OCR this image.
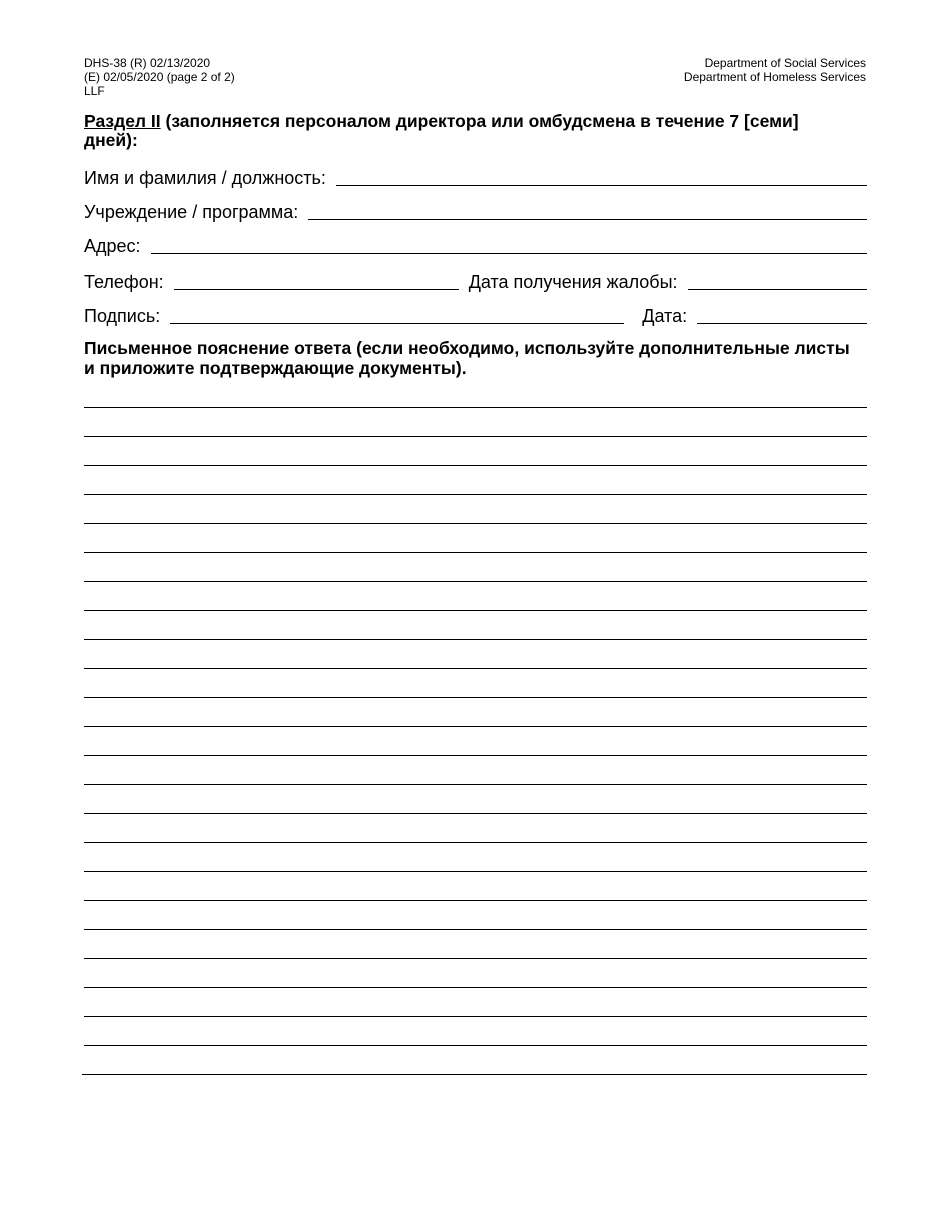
DHS-38 (R) 02/13/2020
(E) 02/05/2020 (page 2 of 2)
LLF
Department of Social Services
Department of Homeless Services
Раздел II (заполняется персоналом директора или омбудсмена в течение 7 [семи] дней):
Имя и фамилия / должность:
Учреждение / программа:
Адрес:
Телефон:	Дата получения жалобы:
Подпись:	Дата:
Письменное пояснение ответа (если необходимо, используйте дополнительные листы и приложите подтверждающие документы).
